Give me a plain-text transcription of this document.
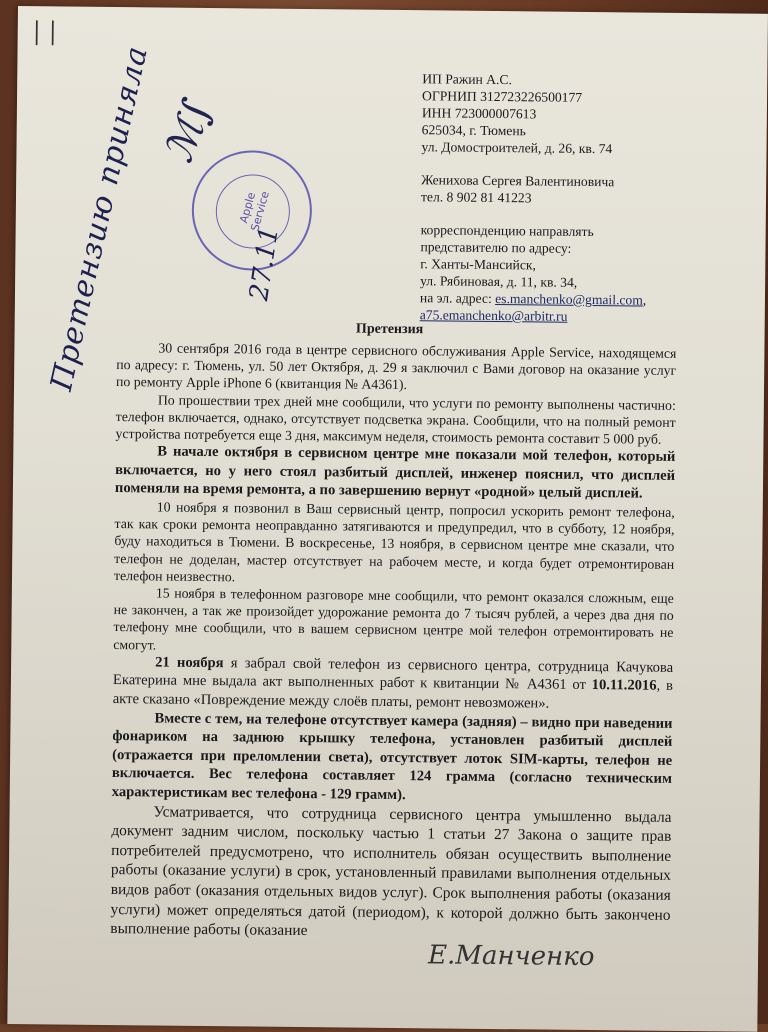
II
ИП Ражин А.С.
ОГРНИП 312723226500177
ИНН 723000007613
625034, г. Тюмень
ул. Домостроителей, д. 26, кв. 74
Женихова Сергея Валентиновича
тел. 8 902 81 41223
корреспонденцию направлять
представителю по адресу:
г. Ханты-Мансийск,
ул. Рябиновая, д. 11, кв. 34,
на эл. адрес: es.manchenko@gmail.com,
a75.emanchenko@arbitr.ru
Apple Service
ℳ∫
Претензию приняла	27.11
Претензия

30 сентября 2016 года в центре сервисного обслуживания Apple Service, находящемся по адресу: г. Тюмень, ул. 50 лет Октября, д. 29 я заключил с Вами договор на оказание услуг по ремонту Apple iPhone 6 (квитанция № А4361).

По прошествии трех дней мне сообщили, что услуги по ремонту выполнены частично: телефон включается, однако, отсутствует подсветка экрана. Сообщили, что на полный ремонт устройства потребуется еще 3 дня, максимум неделя, стоимость ремонта составит 5 000 руб.

В начале октября в сервисном центре мне показали мой телефон, который включается, но у него стоял разбитый дисплей, инженер пояснил, что дисплей поменяли на время ремонта, а по завершению вернут «родной» целый дисплей.

10 ноября я позвонил в Ваш сервисный центр, попросил ускорить ремонт телефона, так как сроки ремонта неоправданно затягиваются и предупредил, что в субботу, 12 ноября, буду находиться в Тюмени. В воскресенье, 13 ноября, в сервисном центре мне сказали, что телефон не доделан, мастер отсутствует на рабочем месте, и когда будет отремонтирован телефон неизвестно.

15 ноября в телефонном разговоре мне сообщили, что ремонт оказался сложным, еще не закончен, а так же произойдет удорожание ремонта до 7 тысяч рублей, а через два дня по телефону мне сообщили, что в вашем сервисном центре мой телефон отремонтировать не смогут.

21 ноября я забрал свой телефон из сервисного центра, сотрудница Качукова Екатерина мне выдала акт выполненных работ к квитанции № А4361 от 10.11.2016, в акте сказано «Повреждение между слоёв платы, ремонт невозможен».

Вместе с тем, на телефоне отсутствует камера (задняя) – видно при наведении фонариком на заднюю крышку телефона, установлен разбитый дисплей (отражается при преломлении света), отсутствует лоток SIM-карты, телефон не включается. Вес телефона составляет 124 грамма (согласно техническим характеристикам вес телефона - 129 грамм).

Усматривается, что сотрудница сервисного центра умышленно выдала документ задним числом, поскольку частью 1 статьи 27 Закона о защите прав потребителей предусмотрено, что исполнитель обязан осуществить выполнение работы (оказание услуги) в срок, установленный правилами выполнения отдельных видов работ (оказания отдельных видов услуг). Срок выполнения работы (оказания услуги) может определяться датой (периодом), к которой должно быть закончено выполнение работы (оказание

Е.Манченко
